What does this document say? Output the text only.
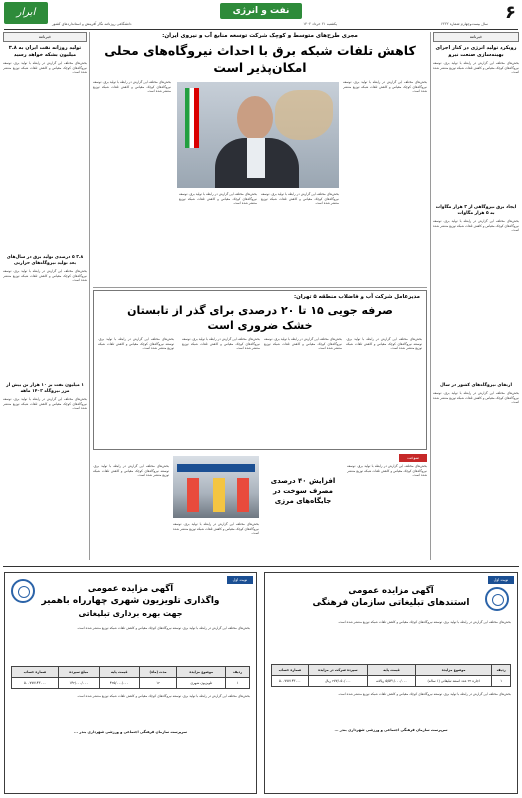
۶
نفت و انرژی
ابرار
سال بیست‌وچهارم شماره ۶۲۲۲
یکشنبه ۲۱ خرداد ۱۴۰۲
دانشگاهی روزنامه نگار آفرینش و استانداردهای کشور
خبرنامه
رویکرد تولید انرژی در کنار اجرای بهینه‌سازی صنعت نیرو
بخش‌های مختلف این گزارش در رابطه با تولید برق، توسعه نیروگاه‌های کوچک مقیاس و کاهش تلفات شبکه توزیع منتشر شده است.
ایجاد برق نیروگاهی از ۳ هزار مگاوات به ۵ هزار مگاوات
بخش‌های مختلف این گزارش در رابطه با تولید برق، توسعه نیروگاه‌های کوچک مقیاس و کاهش تلفات شبکه توزیع منتشر شده است.
ارتقای نیروگاه‌های کشور در سال
بخش‌های مختلف این گزارش در رابطه با تولید برق، توسعه نیروگاه‌های کوچک مقیاس و کاهش تلفات شبکه توزیع منتشر شده است.
خبرنامه
تولید روزانه نفت ایران به ۳.۸ میلیون بشکه خواهد رسید
بخش‌های مختلف این گزارش در رابطه با تولید برق، توسعه نیروگاه‌های کوچک مقیاس و کاهش تلفات شبکه توزیع منتشر شده است.
۳.۸ ۵ درصدی تولید برق در سال‌های بعد تولید نیروگاه‌های حرارتی
بخش‌های مختلف این گزارش در رابطه با تولید برق، توسعه نیروگاه‌های کوچک مقیاس و کاهش تلفات شبکه توزیع منتشر شده است.
۱ میلیون نفت بر ۱۰ هزار تن بیش از مرز نیروگاه ۱۴۰۲ ماهه
بخش‌های مختلف این گزارش در رابطه با تولید برق، توسعه نیروگاه‌های کوچک مقیاس و کاهش تلفات شبکه توزیع منتشر شده است.
مجری طرح‌های متوسط و کوچک شرکت توسعه منابع آب و نیروی ایران:
کاهش تلفات شبکه برق با احداث نیروگاه‌های محلی امکان‌پذیر است
بخش‌های مختلف این گزارش در رابطه با تولید برق، توسعه نیروگاه‌های کوچک مقیاس و کاهش تلفات شبکه توزیع منتشر شده است.
بخش‌های مختلف این گزارش در رابطه با تولید برق، توسعه نیروگاه‌های کوچک مقیاس و کاهش تلفات شبکه توزیع منتشر شده است.
بخش‌های مختلف این گزارش در رابطه با تولید برق، توسعه نیروگاه‌های کوچک مقیاس و کاهش تلفات شبکه توزیع منتشر شده است.
بخش‌های مختلف این گزارش در رابطه با تولید برق، توسعه نیروگاه‌های کوچک مقیاس و کاهش تلفات شبکه توزیع منتشر شده است.
مدیرعامل شرکت آب و فاضلاب منطقه ۵ تهران:
صرفه جویی ۱۵ تا ۲۰ درصدی برای گذر از تابستان خشک ضروری است
بخش‌های مختلف این گزارش در رابطه با تولید برق، توسعه نیروگاه‌های کوچک مقیاس و کاهش تلفات شبکه توزیع منتشر شده است.
بخش‌های مختلف این گزارش در رابطه با تولید برق، توسعه نیروگاه‌های کوچک مقیاس و کاهش تلفات شبکه توزیع منتشر شده است.
بخش‌های مختلف این گزارش در رابطه با تولید برق، توسعه نیروگاه‌های کوچک مقیاس و کاهش تلفات شبکه توزیع منتشر شده است.
بخش‌های مختلف این گزارش در رابطه با تولید برق، توسعه نیروگاه‌های کوچک مقیاس و کاهش تلفات شبکه توزیع منتشر شده است.
سوخت
بخش‌های مختلف این گزارش در رابطه با تولید برق، توسعه نیروگاه‌های کوچک مقیاس و کاهش تلفات شبکه توزیع منتشر شده است.
افزایش ۴۰ درصدی مصرف سوخت در جایگاه‌های مرزی
بخش‌های مختلف این گزارش در رابطه با تولید برق، توسعه نیروگاه‌های کوچک مقیاس و کاهش تلفات شبکه توزیع منتشر شده است.
بخش‌های مختلف این گزارش در رابطه با تولید برق، توسعه نیروگاه‌های کوچک مقیاس و کاهش تلفات شبکه توزیع منتشر شده است.
نوبت اول
آگهی مزایده عمومی
واگذاری تلویزیون شهری چهارراه باهمیر
جهت بهره برداری تبلیغاتی
بخش‌های مختلف این گزارش در رابطه با تولید برق، توسعه نیروگاه‌های کوچک مقیاس و کاهش تلفات شبکه توزیع منتشر شده است.
ردیف	موضوع مزایده	مدت (ماه)	قیمت پایه	مبلغ سپرده	شماره حساب
۱	تلویزیون شهری	۱۲	۴۲۵/۰۰۰/۰۰۰	۱۴۲/۰۰۰/۰۰۰	۵۰۰۷۷۷۱۴۳۰۰۰
بخش‌های مختلف این گزارش در رابطه با تولید برق، توسعه نیروگاه‌های کوچک مقیاس و کاهش تلفات شبکه توزیع منتشر شده است.
سرپرست سازمان فرهنگی اجتماعی و ورزشی شهرداری بندر ...
نوبت اول
آگهی مزایده عمومی
استندهای تبلیغاتی سازمان فرهنگی
بخش‌های مختلف این گزارش در رابطه با تولید برق، توسعه نیروگاه‌های کوچک مقیاس و کاهش تلفات شبکه توزیع منتشر شده است.
ردیف	موضوع مزایده	قیمت پایه	سپرده شرکت در مزایده	شماره حساب
۱	اجاره ۲۲ عدد استند تبلیغاتی (۱ ساله)	۵/۵۴۱/۰۰۰/۰۰۰ ریالانه	۲۷۷/۰۵۰/۰۰۰ ریال	۵۰۰۷۷۷۱۴۳۰۰۰
بخش‌های مختلف این گزارش در رابطه با تولید برق، توسعه نیروگاه‌های کوچک مقیاس و کاهش تلفات شبکه توزیع منتشر شده است.
سرپرست سازمان فرهنگی اجتماعی و ورزشی شهرداری بندر ...
